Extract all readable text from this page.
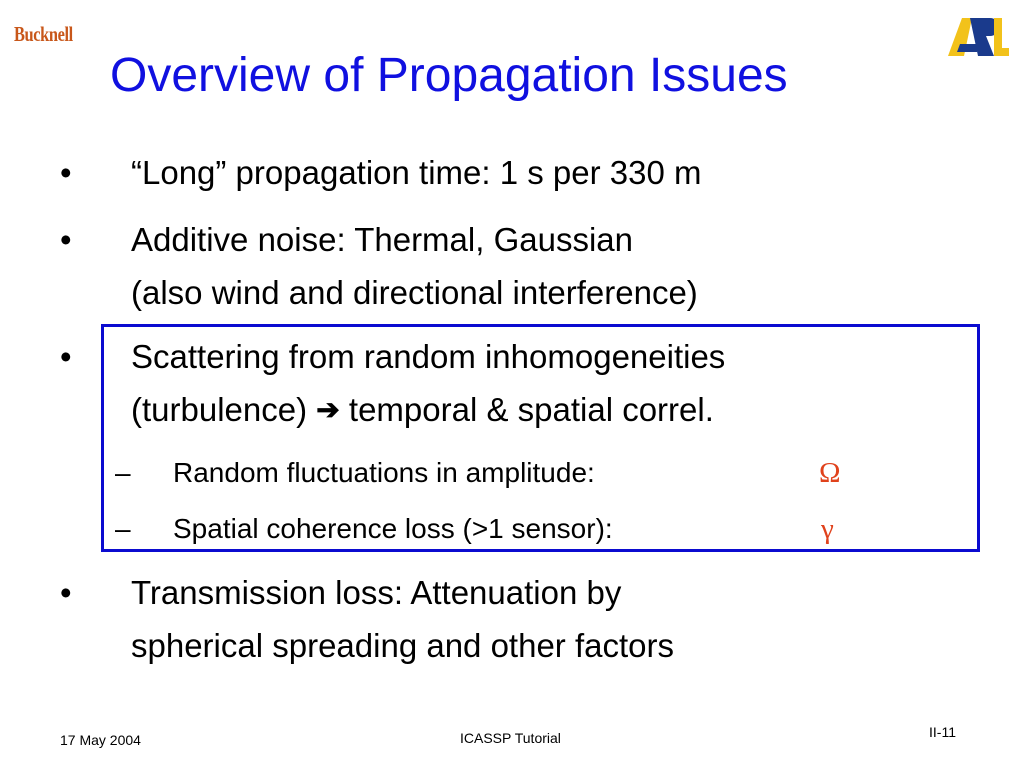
Bucknell
Overview of Propagation Issues
•	“Long” propagation time: 1 s per 330 m
•	Additive noise: Thermal, Gaussian
(also wind and directional interference)
•	Scattering from random inhomogeneities
(turbulence) ➔ temporal & spatial correl.
– Random fluctuations in amplitude:	Ω
– Spatial coherence loss (>1 sensor):	γ
•	Transmission loss: Attenuation by
spherical spreading and other factors
17 May 2004	ICASSP Tutorial	II-11
